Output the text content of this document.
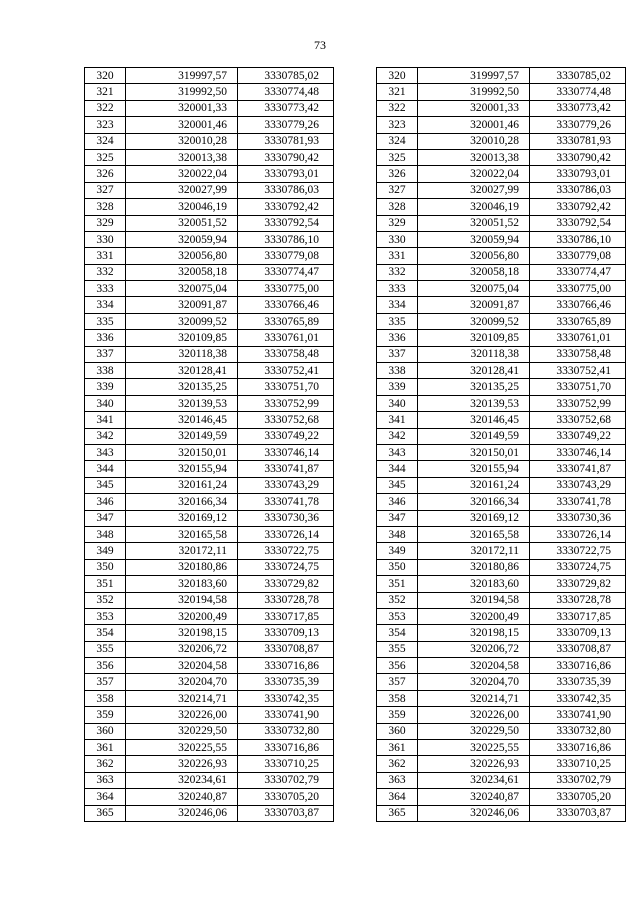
73
320	319997,57	3330785,02
321	319992,50	3330774,48
322	320001,33	3330773,42
323	320001,46	3330779,26
324	320010,28	3330781,93
325	320013,38	3330790,42
326	320022,04	3330793,01
327	320027,99	3330786,03
328	320046,19	3330792,42
329	320051,52	3330792,54
330	320059,94	3330786,10
331	320056,80	3330779,08
332	320058,18	3330774,47
333	320075,04	3330775,00
334	320091,87	3330766,46
335	320099,52	3330765,89
336	320109,85	3330761,01
337	320118,38	3330758,48
338	320128,41	3330752,41
339	320135,25	3330751,70
340	320139,53	3330752,99
341	320146,45	3330752,68
342	320149,59	3330749,22
343	320150,01	3330746,14
344	320155,94	3330741,87
345	320161,24	3330743,29
346	320166,34	3330741,78
347	320169,12	3330730,36
348	320165,58	3330726,14
349	320172,11	3330722,75
350	320180,86	3330724,75
351	320183,60	3330729,82
352	320194,58	3330728,78
353	320200,49	3330717,85
354	320198,15	3330709,13
355	320206,72	3330708,87
356	320204,58	3330716,86
357	320204,70	3330735,39
358	320214,71	3330742,35
359	320226,00	3330741,90
360	320229,50	3330732,80
361	320225,55	3330716,86
362	320226,93	3330710,25
363	320234,61	3330702,79
364	320240,87	3330705,20
365	320246,06	3330703,87
320	319997,57	3330785,02
321	319992,50	3330774,48
322	320001,33	3330773,42
323	320001,46	3330779,26
324	320010,28	3330781,93
325	320013,38	3330790,42
326	320022,04	3330793,01
327	320027,99	3330786,03
328	320046,19	3330792,42
329	320051,52	3330792,54
330	320059,94	3330786,10
331	320056,80	3330779,08
332	320058,18	3330774,47
333	320075,04	3330775,00
334	320091,87	3330766,46
335	320099,52	3330765,89
336	320109,85	3330761,01
337	320118,38	3330758,48
338	320128,41	3330752,41
339	320135,25	3330751,70
340	320139,53	3330752,99
341	320146,45	3330752,68
342	320149,59	3330749,22
343	320150,01	3330746,14
344	320155,94	3330741,87
345	320161,24	3330743,29
346	320166,34	3330741,78
347	320169,12	3330730,36
348	320165,58	3330726,14
349	320172,11	3330722,75
350	320180,86	3330724,75
351	320183,60	3330729,82
352	320194,58	3330728,78
353	320200,49	3330717,85
354	320198,15	3330709,13
355	320206,72	3330708,87
356	320204,58	3330716,86
357	320204,70	3330735,39
358	320214,71	3330742,35
359	320226,00	3330741,90
360	320229,50	3330732,80
361	320225,55	3330716,86
362	320226,93	3330710,25
363	320234,61	3330702,79
364	320240,87	3330705,20
365	320246,06	3330703,87
